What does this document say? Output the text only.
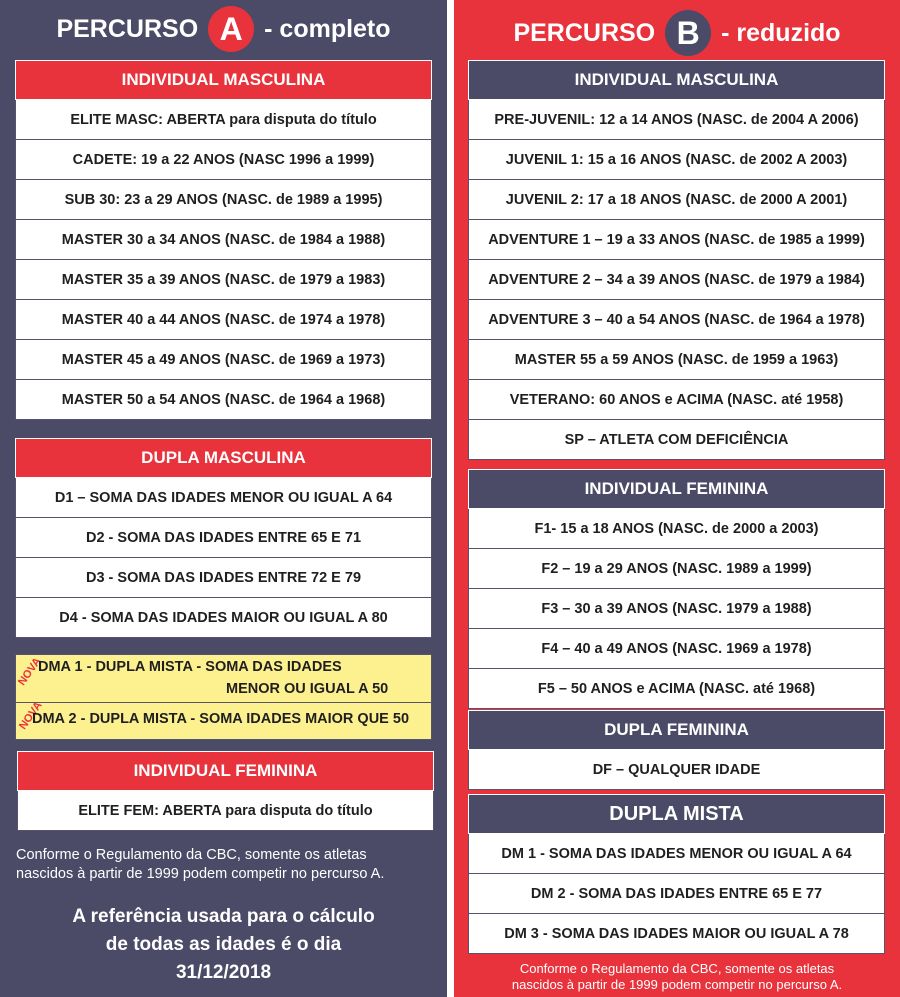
PERCURSO A - completo
INDIVIDUAL MASCULINA
ELITE MASC: ABERTA para disputa do título
CADETE: 19 a 22 ANOS (NASC 1996 a 1999)
SUB 30: 23 a 29 ANOS (NASC. de 1989 a 1995)
MASTER 30 a 34 ANOS (NASC. de 1984 a 1988)
MASTER 35 a 39 ANOS (NASC. de 1979 a 1983)
MASTER 40 a 44 ANOS (NASC. de 1974 a 1978)
MASTER 45 a 49 ANOS (NASC. de 1969 a 1973)
MASTER 50 a 54 ANOS (NASC. de 1964 a 1968)
DUPLA MASCULINA
D1 – SOMA DAS IDADES MENOR OU IGUAL A 64
D2 - SOMA DAS IDADES ENTRE 65 E 71
D3 - SOMA DAS IDADES ENTRE 72 E 79
D4 - SOMA DAS IDADES MAIOR OU IGUAL A 80
NOVA
DMA 1 - DUPLA MISTA - SOMA DAS IDADES
MENOR OU IGUAL A 50
NOVA
DMA 2 - DUPLA MISTA - SOMA IDADES MAIOR QUE 50
INDIVIDUAL FEMININA
ELITE FEM: ABERTA para disputa do título
Conforme o Regulamento da CBC, somente os atletas
nascidos à partir de 1999 podem competir no percurso A.
A referência usada para o cálculo
de todas as idades é o dia
31/12/2018
PERCURSO B - reduzido
INDIVIDUAL MASCULINA
PRE-JUVENIL: 12 a 14 ANOS (NASC. de 2004 A 2006)
JUVENIL 1: 15 a 16 ANOS (NASC. de 2002 A 2003)
JUVENIL 2: 17 a 18 ANOS (NASC. de 2000 A 2001)
ADVENTURE 1 – 19 a 33 ANOS (NASC. de 1985 a 1999)
ADVENTURE 2 – 34 a 39 ANOS (NASC. de 1979 a 1984)
ADVENTURE 3 – 40 a 54 ANOS (NASC. de 1964 a 1978)
MASTER 55 a 59 ANOS (NASC. de 1959 a 1963)
VETERANO: 60 ANOS e ACIMA (NASC. até 1958)
SP – ATLETA COM DEFICIÊNCIA
INDIVIDUAL FEMININA
F1- 15 a 18 ANOS (NASC. de 2000 a 2003)
F2 – 19 a 29 ANOS (NASC. 1989 a 1999)
F3 – 30 a 39 ANOS (NASC. 1979 a 1988)
F4 – 40 a 49 ANOS (NASC. 1969 a 1978)
F5 – 50 ANOS e ACIMA (NASC. até 1968)
DUPLA FEMININA
DF – QUALQUER IDADE
DUPLA MISTA
DM 1 - SOMA DAS IDADES MENOR OU IGUAL A 64
DM 2 - SOMA DAS IDADES ENTRE 65 E 77
DM 3 - SOMA DAS IDADES MAIOR OU IGUAL A 78
Conforme o Regulamento da CBC, somente os atletas
nascidos à partir de 1999 podem competir no percurso A.
